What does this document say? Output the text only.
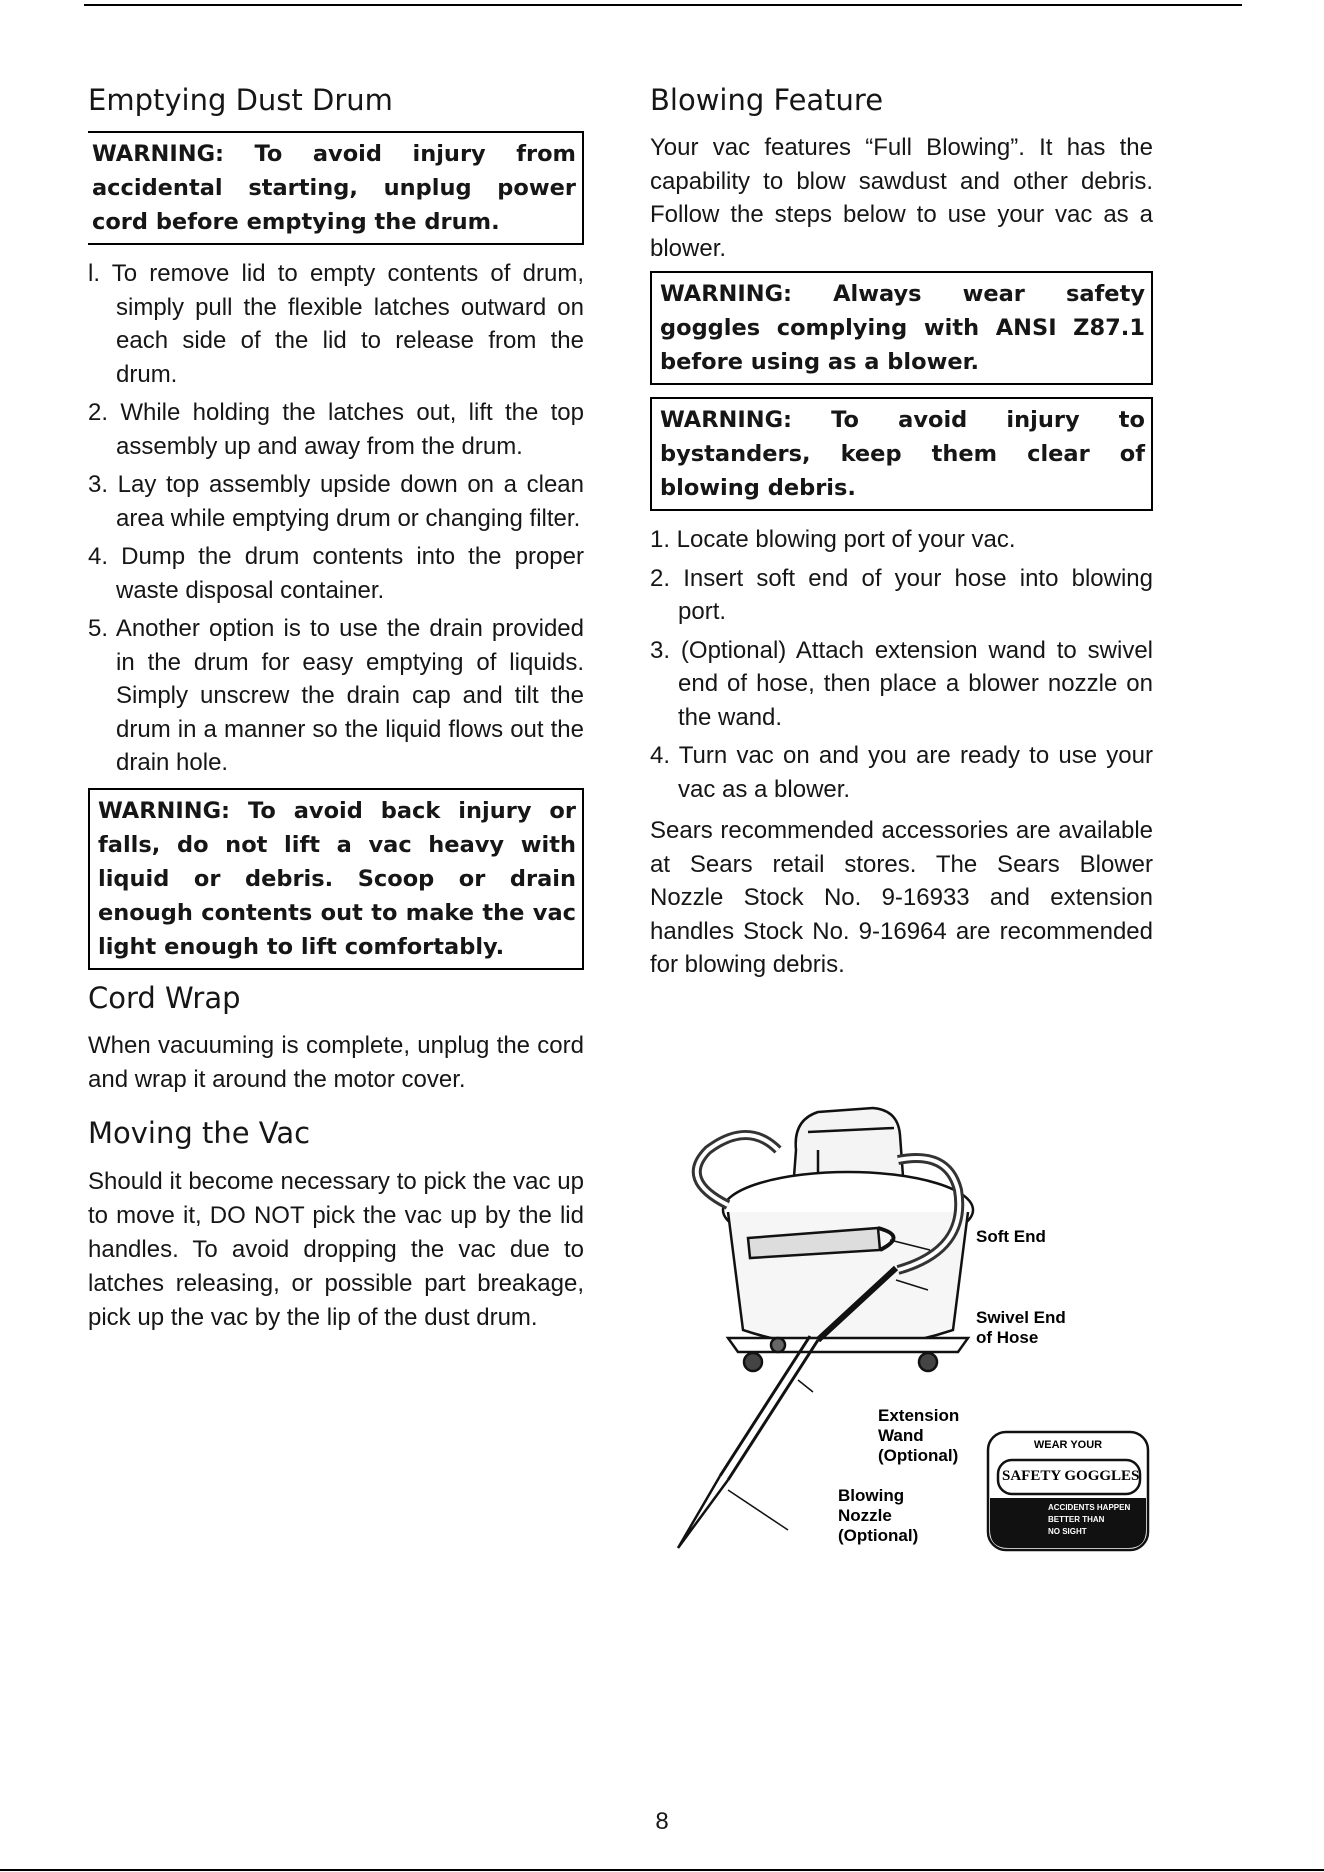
Emptying Dust Drum
WARNING: To avoid injury from accidental starting, unplug power cord before emptying the drum.
l. To remove lid to empty contents of drum, simply pull the flexible latches outward on each side of the lid to release from the drum.
2. While holding the latches out, lift the top assembly up and away from the drum.
3. Lay top assembly upside down on a clean area while emptying drum or changing filter.
4. Dump the drum contents into the proper waste disposal container.
5. Another option is to use the drain provided in the drum for easy emptying of liquids. Simply unscrew the drain cap and tilt the drum in a manner so the liquid flows out the drain hole.
WARNING: To avoid back injury or falls, do not lift a vac heavy with liquid or debris. Scoop or drain enough contents out to make the vac light enough to lift comfortably.
Cord Wrap

When vacuuming is complete, unplug the cord and wrap it around the motor cover.

Moving the Vac

Should it become necessary to pick the vac up to move it, DO NOT pick the vac up by the lid handles. To avoid dropping the vac due to latches releasing, or possible part breakage, pick up the vac by the lip of the dust drum.

Blowing Feature

Your vac features “Full Blowing”. It has the capability to blow sawdust and other debris. Follow the steps below to use your vac as a blower.

WARNING: Always wear safety goggles complying with ANSI Z87.1 before using as a blower.
WARNING: To avoid injury to bystanders, keep them clear of blowing debris.
1. Locate blowing port of your vac.
2. Insert soft end of your hose into blowing port.
3. (Optional) Attach extension wand to swivel end of hose, then place a blower nozzle on the wand.
4. Turn vac on and you are ready to use your vac as a blower.

Sears recommended accessories are available at Sears retail stores. The Sears Blower Nozzle Stock No. 9-16933 and extension handles Stock No. 9-16964 are recommended for blowing debris.

Soft End
Swivel End
of Hose
Extension
Wand
(Optional)
Blowing
Nozzle
(Optional)
WEAR YOUR
SAFETY GOGGLES
ACCIDENTS HAPPEN
BETTER THAN
NO SIGHT
8
